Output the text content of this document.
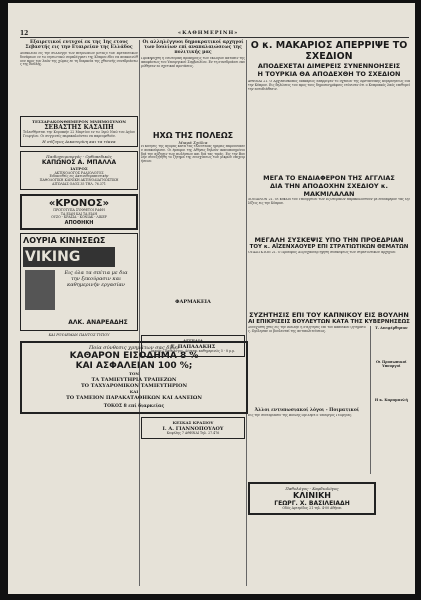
12	«ΚΑΘΗΜΕΡΙΝΗ»
Εξαιρετικοί ευτυχοί εκ της 1ης ετους Σεβαστής εις την Εταιρείαν της Ελλάδος
Δυσκολίαι εις την συλλογήν των πετρελαίων μεταξύ των Βρεταννικών δυνάμεων εν τω νησιωτικώ συμπλέγματι της Κύπρου έδει να ανακοινώθουν προς τον λαόν της χώρας εν τη διαρκεία της χθεσινής συνεδριάσεως της Βουλής.
ΤΕΣΣΑΡΑΚΟΝΘΗΜΕΡΟΝ ΜΝΗΜΟΣΥΝΟΝ
ΣΕΒΑΣΤΗΣ ΚΑΣΑΠΗ
Τελεσθήσεται την Κυριακήν 22 Μαρτίου εν τω Ιερώ Ναώ του Αγίου Γεωργίου. Οι συγγενείς παρακαλούνται να παρευρεθούν.
Η σύζυγος Αικατερίνη και τα τέκνα
Παιδοχειρουργός - Ορθοπεδικός
ΚΑΠΩΝΟΣ Α. ΜΠΑΛΛΑ
ΙΑΤΡΟΣ
ΑΚΤΙΝΟΛΟΓΟΣ ΡΑΔΙΟΛΟΓΟΣ
Ειδικευθείς εις Ακτινοθεραπευτικήν
ΠΑΘΟΛΟΓΙΚΗ ΚΛΙΝΙΚΗ ΑΚΤΙΝΟΔΙΑΓΝΩΣΤΙΚΗ
ΑΙΤΩΛΙΑΣ ΟΔΟΣ 35 ΤΗΛ. 76.371
«ΚΡΟΝΟΣ»
ΠΡΩΤΟΤΥΠΑ ΣΥΝΘΕΤΟΙ ΡΑΦΗ
ΤΑ ΕΙΔΗ ΚΑΙ ΤΑ ΕΙΔΗ
ΟΥΖΟ - ΚΡΑΣΙΑ - ΚΟΝΙΑΚ - ΛΙΚΕΡ
ΑΠΟΘΗΚΗ
ΛΟΥΡΙΑ ΚΙΝΗΣΕΩΣ
VIKING
Εις όλα τα σπίτια με δια την ξεκούρασιν και καθημερινήν εργασίαν
ΑΛΚ. ΑΝΑΡΕΑΔΗΣ
ΚΑΙ ΡΟΥΛΕΜΑΝ ΠΑΝΤΟΣ ΤΥΠΟΥ
Ποία σύνθεσις χρημάτων σας δίδει
ΚΑΘΑΡΟΝ ΕΙΣΟΔΗΜΑ 8 %
ΚΑΙ ΑΣΦΑΛΕΙΑΝ 100 %;
ΤΟΝ
ΤΑ ΤΑΜΙΕΥΤΗΡΙΑ ΤΡΑΠΕΖΩΝ
ΤΟ ΤΑΧΥΔΡΟΜΙΚΟΝ ΤΑΜΙΕΥΤΗΡΙΟΝ
ΚΑΙ
ΤΟ ΤΑΜΕΙΟΝ ΠΑΡΑΚΑΤΑΘΗΚΩΝ ΚΑΙ ΔΑΝΕΙΩΝ
ΤΟΚΟΣ 8 επί διαρκείας
Οι αλληλέγγυοι δημοκρατικοί αρχηγοί των Ιουλίων επί αναπαλαιώσεως της πολιτικής μας
Προκηρύχθη η εσωτερική προκήρυξις των εκλογών κατόπιν της αποφάσεως του Υπουργικού Συμβουλίου. Εν τη συνεδριάσει εκυρώθησαν αι σχετικαί προτάσεις.
ΗΧΩ ΤΗΣ ΠΟΛΕΩΣ
Μικρά Σχόλια
Η κίνησις της αγοράς κατά τας τελευταίας ημέρας παρουσίασεν ανακούφισιν. Οι έμποροι της Αθήνας δηλούν ικανοποιημένοι διά την αύξησιν των πωλήσεων και διά τας τιμάς. Εις την Βουλήν συνεζητήθη το ζήτημα της ενισχύσεως των μικρών επιχειρήσεων.
ΦΑΡΜΑΚΕΙΑ
ΑΓΓΕΛΙΑ
Γ. ΠΑΠΑΔΑΚΗΣ
Ιατρός - Παθολόγος. Δέχεται καθημερινώς 5 - 8 μ.μ.
ΚΕΣΚΑΣ ΚΡΑΣΙΟΥ
Ι. Α. ΓΙΑΝΝΟΠΟΥΛΟΥ
Κυψέλης 7 ΑΘΗΝΑΙ Τηλ. 27.476
Ο κ. ΜΑΚΑΡΙΟΣ ΑΠΕΡΡΙΨΕ ΤΟ ΣΧΕΔΙΟΝ
ΑΠΟΔΕΧΕΤΑΙ ΔΙΜΕΡΕΙΣ ΣΥΝΕΝΝΟΗΣΕΙΣ
Η ΤΟΥΡΚΙΑ ΘΑ ΑΠΟΔΕΧΘΗ ΤΟ ΣΧΕΔΙΟΝ
ΑΘΗΝΑΙ 21. Ο Αρχιεπίσκοπος Μακάριος απέρριψεν το σχέδιον της Βρεταννικής κυβερνήσεως διά την Κύπρον. Εις δηλώσεις του προς τους δημοσιογράφους ετόνισεν ότι ο Κυπριακός λαός επιθυμεί την αυτοδιάθεσιν.
ΜΕΓΑ ΤΟ ΕΝΔΙΑΦΕΡΟΝ ΤΗΣ ΑΓΓΛΙΑΣ
ΔΙΑ ΤΗΝ ΑΠΟΔΟΧΗΝ ΣΧΕΔΙΟΥ κ. ΜΑΚΜΙΛΑΛΑΝ
ΛΟΝΔΙΝΟΝ 21. Οι κύκλοι του Υπουργείου των Εξωτερικών παρακολουθούν με ενδιαφέρον τας εξελίξεις εις την Κύπρον.
ΜΕΓΑΛΗ ΣΥΣΚΕΨΙΣ ΥΠΟ ΤΗΝ ΠΡΟΕΔΡΙΑΝ
ΤΟΥ κ. ΑΪΖΕΝΧΑΟΥΕΡ ΕΠΙ ΣΤΡΑΤΙΩΤΙΚΩΝ ΘΕΜΑΤΩΝ
ΟΥΑΣΙΓΚΤΩΝ 21. Ο Πρόεδρος Αϊζενχάουερ ηγήθη συσκέψεως των στρατιωτικών αρχηγών.
ΣΥΖΗΤΗΣΙΣ ΕΠΙ ΤΟΥ ΚΑΠΝΙΚΟΥ ΕΙΣ ΒΟΥΛΗΝ
ΑΙ ΕΠΙΚΡΙΣΕΙΣ ΒΟΥΛΕΥΤΩΝ ΚΑΤΑ ΤΗΣ ΚΥΒΕΡΝΗΣΕΩΣ
Συνεχίσθη χθες εις την Βουλήν η συζήτησις επί του καπνικού ζητήματος. Ωμίλησαν οι βουλευταί της αντιπολιτεύσεως.
Άλλοι εντυπωσιακοί λόγοι - Ποιματικοί
Εις την συνεδρίασιν της Βουλής ωμίλησε ο Υπουργός Γεωργίας.
Τ. Ανεφέρθησαν
Οι Προσωπικοί Υπουργοί
Η κ. Καραμανλή
Παθολόγος - Καρδιολόγος
ΚΛΙΝΙΚΗ
ΓΕΩΡΓ. Χ. ΒΑΣΙΛΕΙΑΔΗ
Οδός Αρτεμίδος 21 τηλ. 4-00 Αθήναι
